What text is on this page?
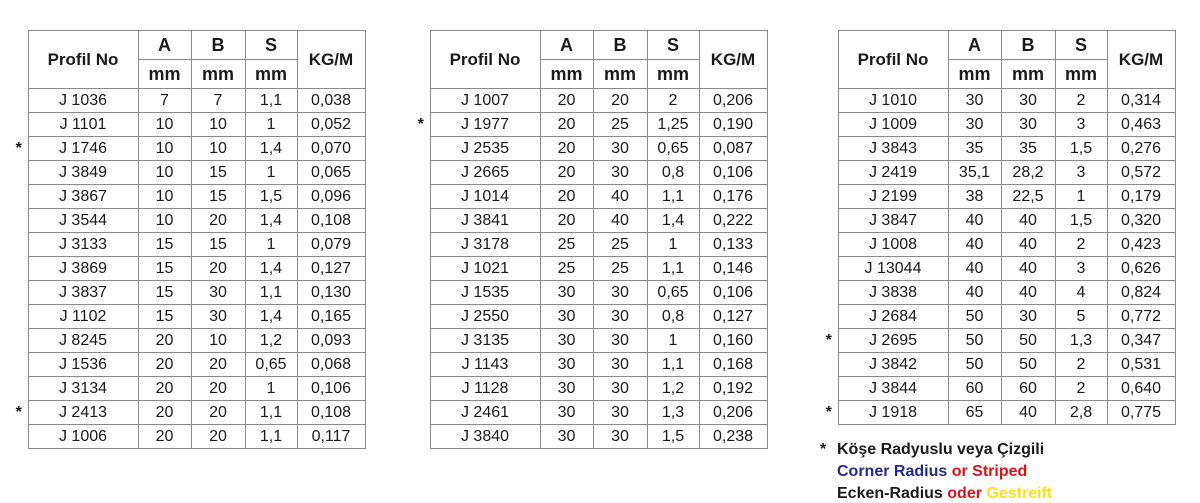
	Profil No	A	B	S	KG/M
		mm	mm	mm	
	J 1036	7	7	1,1	0,038
	J 1101	10	10	1	0,052
*	J 1746	10	10	1,4	0,070
	J 3849	10	15	1	0,065
	J 3867	10	15	1,5	0,096
	J 3544	10	20	1,4	0,108
	J 3133	15	15	1	0,079
	J 3869	15	20	1,4	0,127
	J 3837	15	30	1,1	0,130
	J 1102	15	30	1,4	0,165
	J 8245	20	10	1,2	0,093
	J 1536	20	20	0,65	0,068
	J 3134	20	20	1	0,106
*	J 2413	20	20	1,1	0,108
	J 1006	20	20	1,1	0,117
	Profil No	A	B	S	KG/M
		mm	mm	mm	
	J 1007	20	20	2	0,206
*	J 1977	20	25	1,25	0,190
	J 2535	20	30	0,65	0,087
	J 2665	20	30	0,8	0,106
	J 1014	20	40	1,1	0,176
	J 3841	20	40	1,4	0,222
	J 3178	25	25	1	0,133
	J 1021	25	25	1,1	0,146
	J 1535	30	30	0,65	0,106
	J 2550	30	30	0,8	0,127
	J 3135	30	30	1	0,160
	J 1143	30	30	1,1	0,168
	J 1128	30	30	1,2	0,192
	J 2461	30	30	1,3	0,206
	J 3840	30	30	1,5	0,238
	Profil No	A	B	S	KG/M
		mm	mm	mm	
	J 1010	30	30	2	0,314
	J 1009	30	30	3	0,463
	J 3843	35	35	1,5	0,276
	J 2419	35,1	28,2	3	0,572
	J 2199	38	22,5	1	0,179
	J 3847	40	40	1,5	0,320
	J 1008	40	40	2	0,423
	J 13044	40	40	3	0,626
	J 3838	40	40	4	0,824
	J 2684	50	30	5	0,772
*	J 2695	50	50	1,3	0,347
	J 3842	50	50	2	0,531
	J 3844	60	60	2	0,640
*	J 1918	65	40	2,8	0,775
* Köşe Radyuslu veya Çizgili
Corner Radius or Striped
Ecken-Radius oder Gestreift
